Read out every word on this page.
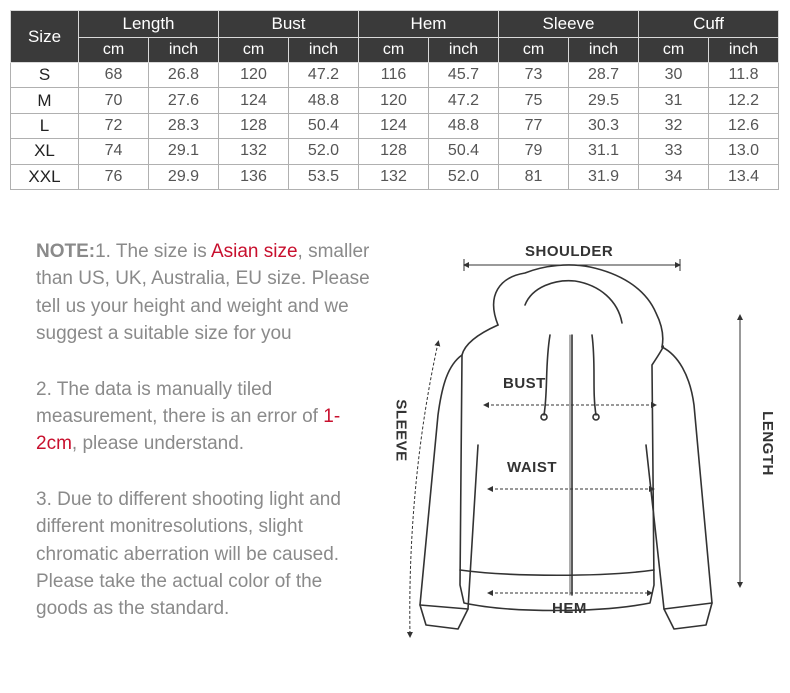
Size	Length		Bust		Hem		Sleeve		Cuff	
	cm	inch	cm	inch	cm	inch	cm	inch	cm	inch
S	68	26.8	120	47.2	116	45.7	73	28.7	30	11.8
M	70	27.6	124	48.8	120	47.2	75	29.5	31	12.2
L	72	28.3	128	50.4	124	48.8	77	30.3	32	12.6
XL	74	29.1	132	52.0	128	50.4	79	31.1	33	13.0
XXL	76	29.9	136	53.5	132	52.0	81	31.9	34	13.4

NOTE:1. The size is Asian size, smaller than US, UK, Australia, EU size. Please tell us your height and weight and we suggest a suitable size for you

2. The data is manually tiled measurement, there is an error of 1-2cm, please understand.

3. Due to different shooting light and different monitresolutions, slight chromatic aberration will be caused. Please take the actual color of the goods as the standard.

SHOULDER
BUST
WAIST
HEM
SLEEVE	LENGTH
